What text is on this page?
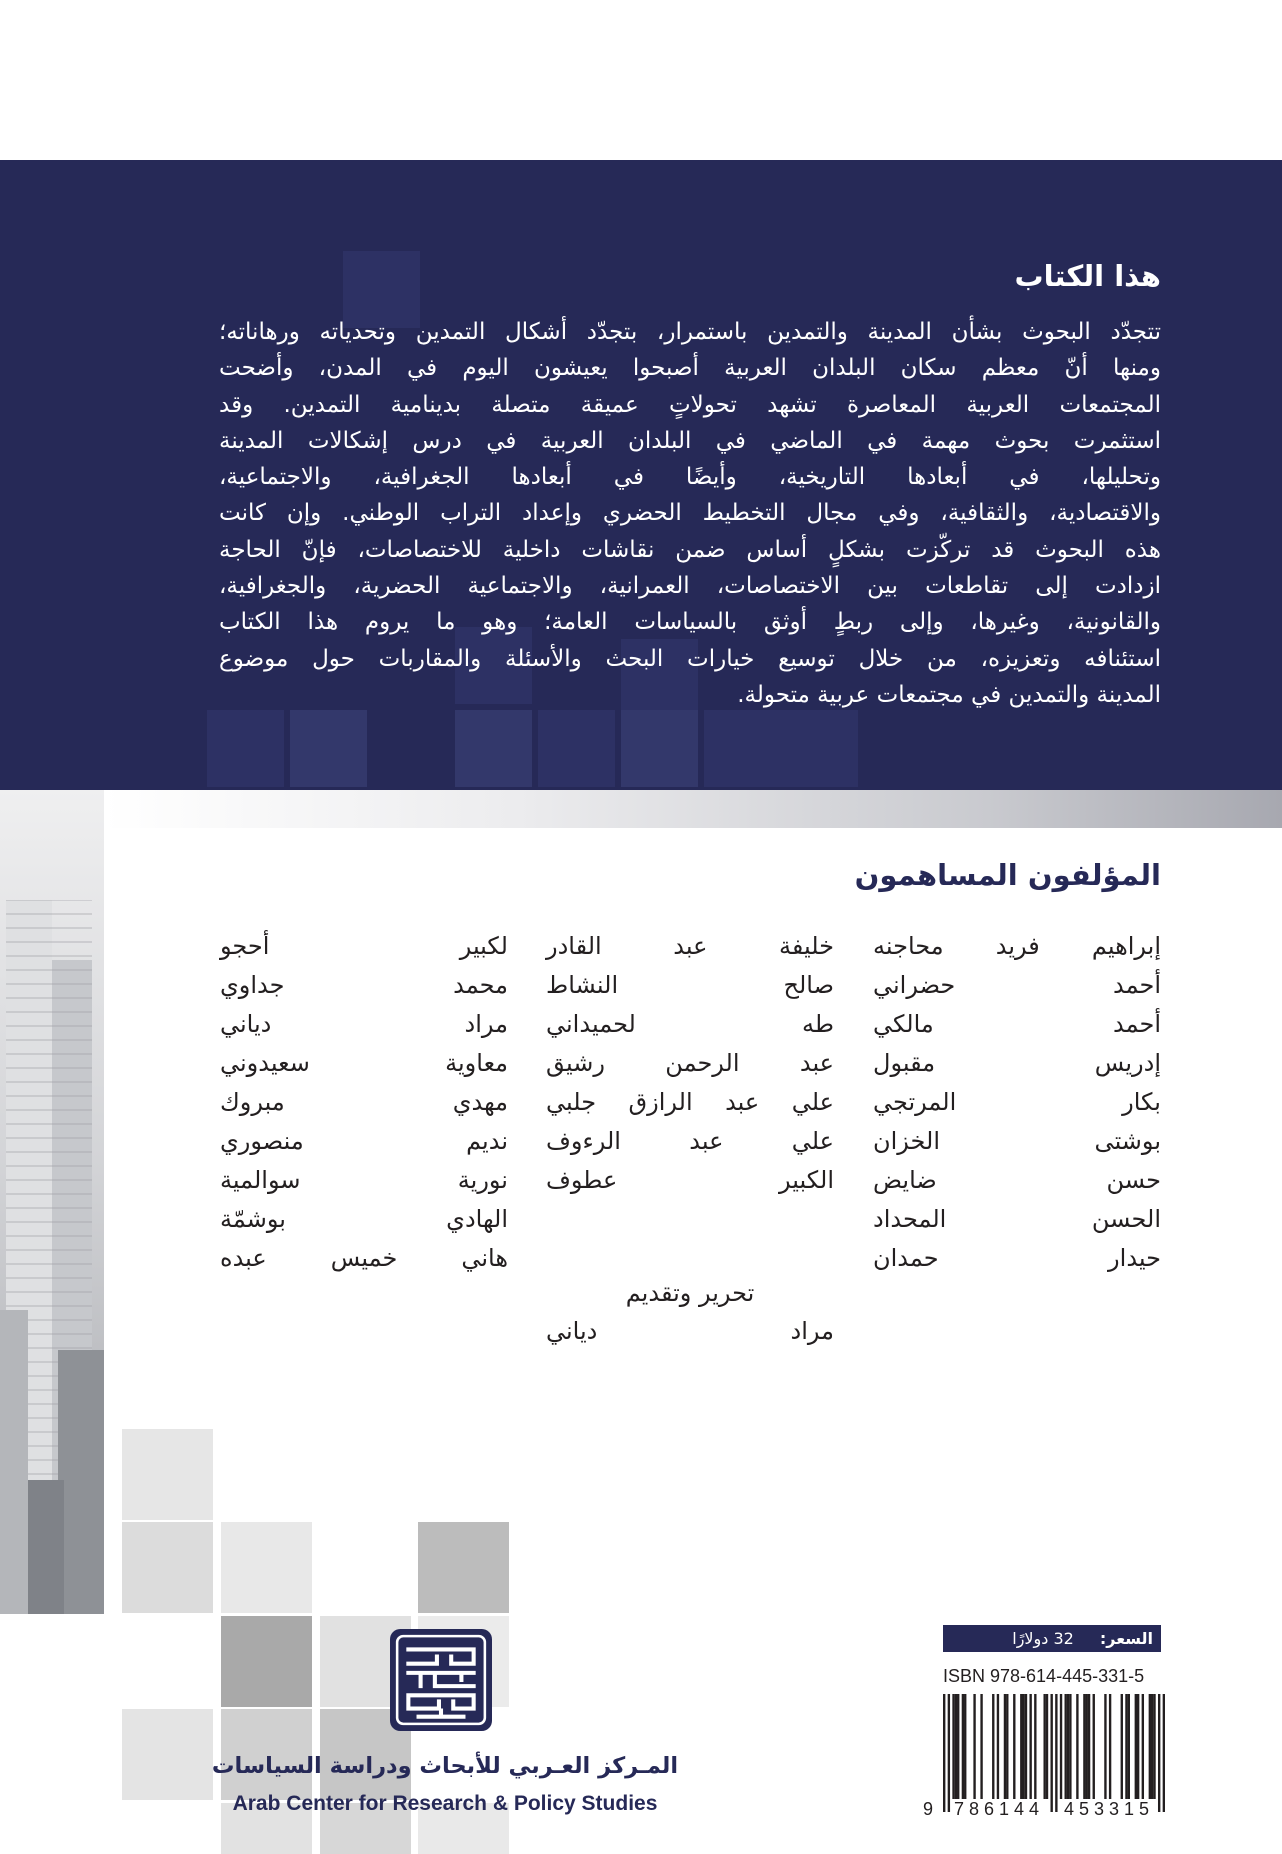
هذا الكتاب
تتجدّد البحوث بشأن المدينة والتمدين باستمرار، بتجدّد أشكال التمدين وتحدياته ورهاناته؛
ومنها أنّ معظم سكان البلدان العربية أصبحوا يعيشون اليوم في المدن، وأضحت
المجتمعات العربية المعاصرة تشهد تحولاتٍ عميقة متصلة بدينامية التمدين. وقد
استثمرت بحوث مهمة في الماضي في البلدان العربية في درس إشكالات المدينة
وتحليلها، في أبعادها التاريخية، وأيضًا في أبعادها الجغرافية، والاجتماعية،
والاقتصادية، والثقافية، وفي مجال التخطيط الحضري وإعداد التراب الوطني. وإن كانت
هذه البحوث قد تركّزت بشكلٍ أساس ضمن نقاشات داخلية للاختصاصات، فإنّ الحاجة
ازدادت إلى تقاطعات بين الاختصاصات، العمرانية، والاجتماعية الحضرية، والجغرافية،
والقانونية، وغيرها، وإلى ربطٍ أوثق بالسياسات العامة؛ وهو ما يروم هذا الكتاب
استئنافه وتعزيزه، من خلال توسيع خيارات البحث والأسئلة والمقاربات حول موضوع
المدينة والتمدين في مجتمعات عربية متحولة.
المؤلفون المساهمون
إبراهيم فريد محاجنه
أحمد حضراني
أحمد مالكي
إدريس مقبول
بكار المرتجي
بوشتى الخزان
حسن ضايض
الحسن المحداد
حيدار حمدان
خليفة عبد القادر
صالح النشاط
طه لحميداني
عبد الرحمن رشيق
علي عبد الرازق جلبي
علي عبد الرءوف
الكبير عطوف
لكبير أحجو
محمد جداوي
مراد دياني
معاوية سعيدوني
مهدي مبروك
نديم منصوري
نورية سوالمية
الهادي بوشمّة
هاني خميس عبده
تحرير وتقديم
مراد دياني
السعر:
32 دولارًا
ISBN 978-614-445-331-5
9 786144 453315
المـركز العـربي للأبحاث ودراسة السياسات
Arab Center for Research & Policy Studies
